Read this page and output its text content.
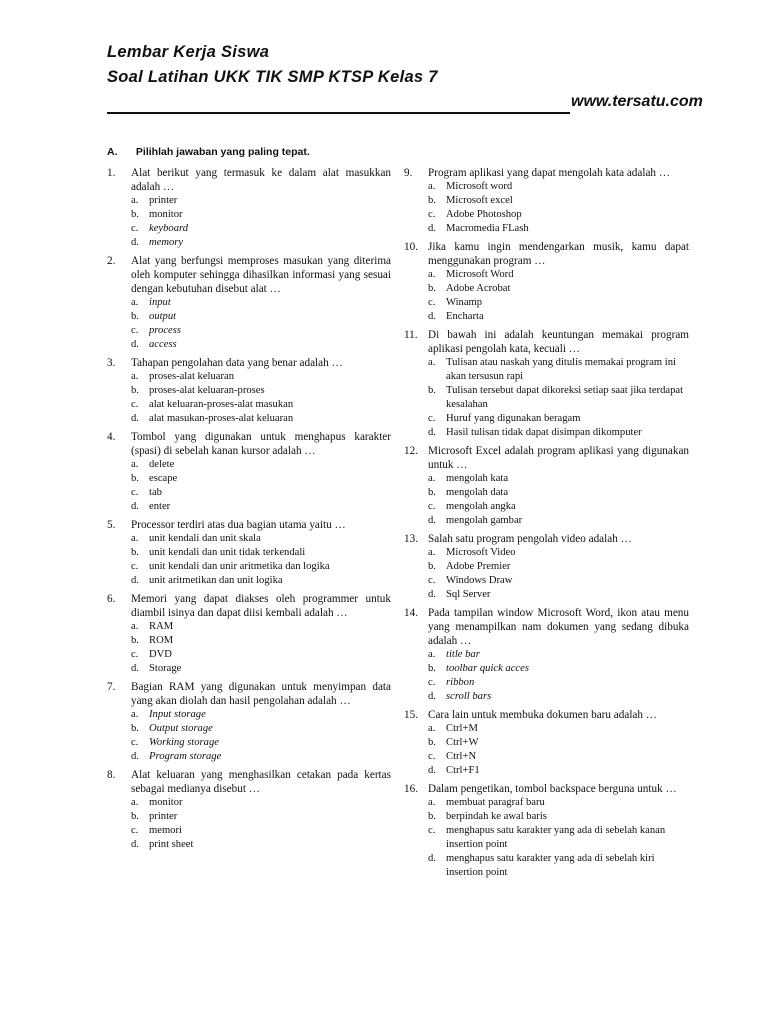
Lembar Kerja Siswa
Soal Latihan UKK TIK SMP KTSP Kelas 7
www.tersatu.com
A. Pilihlah jawaban yang paling tepat.
1.	Alat berikut yang termasuk ke dalam alat masukkan adalah …
a.	printer
b. monitor
c.	keyboard
d. memory
2.	Alat yang berfungsi memproses masukan yang diterima oleh komputer sehingga dihasilkan informasi yang sesuai dengan kebutuhan disebut alat …
a.	input
b. output
c.	process
d. access
3.	Tahapan pengolahan data yang benar adalah …
a.	proses-alat keluaran
b. proses-alat keluaran-proses
c.	alat keluaran-proses-alat masukan
d. alat masukan-proses-alat keluaran
4.	Tombol yang digunakan untuk menghapus karakter (spasi) di sebelah kanan kursor adalah …
a.	delete
b. escape
c.	tab
d. enter
5.	Processor terdiri atas dua bagian utama yaitu …
a.	unit kendali dan unit skala
b. unit kendali dan unit tidak terkendali
c.	unit kendali dan unir aritmetika dan logika
d. unit aritmetikan dan unit logika
6.	Memori yang dapat diakses oleh programmer untuk diambil isinya dan dapat diisi kembali adalah …
a.	RAM
b. ROM
c.	DVD
d. Storage
7.	Bagian RAM yang digunakan untuk menyimpan data yang akan diolah dan hasil pengolahan adalah …
a.	Input storage
b. Output storage
c.	Working storage
d. Program storage
8.	Alat keluaran yang menghasilkan cetakan pada kertas sebagai medianya disebut …
a.	monitor
b. printer
c.	memori
d. print sheet
9.	Program aplikasi yang dapat mengolah kata adalah …
a.	Microsoft word
b. Microsoft excel
c.	Adobe Photoshop
d. Macromedia FLash
10. Jika kamu ingin mendengarkan musik, kamu dapat menggunakan program …
a.	Microsoft Word
b. Adobe Acrobat
c.	Winamp
d. Encharta
11. Di bawah ini adalah keuntungan memakai program aplikasi pengolah kata, kecuali …
a.	Tulisan atau naskah yang ditulis memakai program ini akan tersusun rapi
b. Tulisan tersebut dapat dikoreksi setiap saat jika terdapat kesalahan
c.	Huruf yang digunakan beragam
d. Hasil tulisan tidak dapat disimpan dikomputer
12. Microsoft Excel adalah program aplikasi yang digunakan untuk …
a.	mengolah kata
b. mengolah data
c.	mengolah angka
d. mengolah gambar
13. Salah satu program pengolah video adalah …
a.	Microsoft Video
b. Adobe Premier
c.	Windows Draw
d. Sql Server
14. Pada tampilan window Microsoft Word, ikon atau menu yang menampilkan nam dokumen yang sedang dibuka adalah …
a.	title bar
b. toolbar quick acces
c.	ribbon
d. scroll bars
15. Cara lain untuk membuka dokumen baru adalah …
a.	Ctrl+M
b. Ctrl+W
c.	Ctrl+N
d. Ctrl+F1
16. Dalam pengetikan, tombol backspace berguna untuk …
a.	membuat paragraf baru
b. berpindah ke awal baris
c.	menghapus satu karakter yang ada di sebelah kanan insertion point
d. menghapus satu karakter yang ada di sebelah kiri insertion point
